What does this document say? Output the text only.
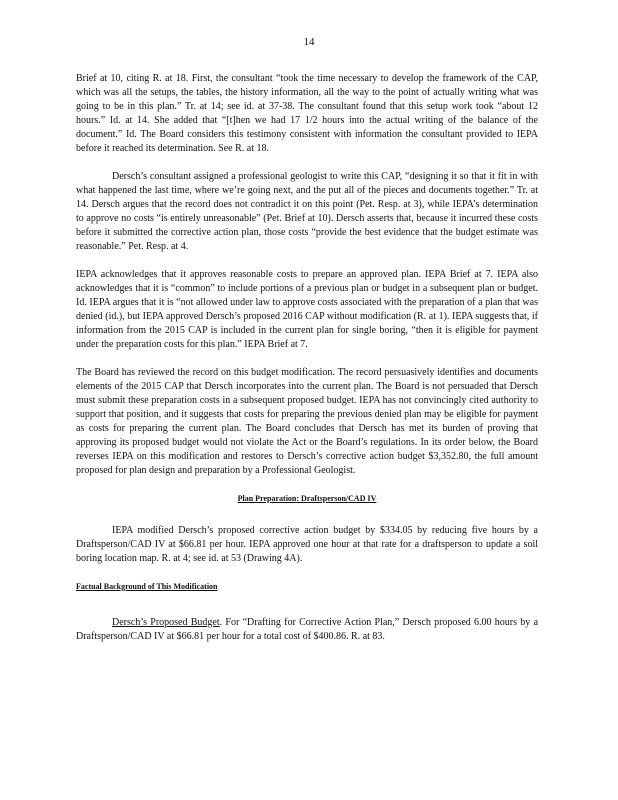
14

Brief at 10, citing R. at 18. First, the consultant “took the time necessary to develop the framework of the CAP, which was all the setups, the tables, the history information, all the way to the point of actually writing what was going to be in this plan.” Tr. at 14; see id. at 37-38. The consultant found that this setup work took “about 12 hours.” Id. at 14. She added that “[t]hen we had 17 1/2 hours into the actual writing of the balance of the document.” Id. The Board considers this testimony consistent with information the consultant provided to IEPA before it reached its determination. See R. at 18.

Dersch’s consultant assigned a professional geologist to write this CAP, “designing it so that it fit in with what happened the last time, where we’re going next, and the put all of the pieces and documents together.” Tr. at 14. Dersch argues that the record does not contradict it on this point (Pet. Resp. at 3), while IEPA’s determination to approve no costs “is entirely unreasonable” (Pet. Brief at 10). Dersch asserts that, because it incurred these costs before it submitted the corrective action plan, those costs “provide the best evidence that the budget estimate was reasonable.” Pet. Resp. at 4.

IEPA acknowledges that it approves reasonable costs to prepare an approved plan. IEPA Brief at 7. IEPA also acknowledges that it is “common” to include portions of a previous plan or budget in a subsequent plan or budget. Id. IEPA argues that it is “not allowed under law to approve costs associated with the preparation of a plan that was denied (id.), but IEPA approved Dersch’s proposed 2016 CAP without modification (R. at 1). IEPA suggests that, if information from the 2015 CAP is included in the current plan for single boring, “then it is eligible for payment under the preparation costs for this plan.” IEPA Brief at 7.

The Board has reviewed the record on this budget modification. The record persuasively identifies and documents elements of the 2015 CAP that Dersch incorporates into the current plan. The Board is not persuaded that Dersch must submit these preparation costs in a subsequent proposed budget. IEPA has not convincingly cited authority to support that position, and it suggests that costs for preparing the previous denied plan may be eligible for payment as costs for preparing the current plan. The Board concludes that Dersch has met its burden of proving that approving its proposed budget would not violate the Act or the Board’s regulations. In its order below, the Board reverses IEPA on this modification and restores to Dersch’s corrective action budget $3,352.80, the full amount proposed for plan design and preparation by a Professional Geologist.

Plan Preparation: Draftsperson/CAD IV

IEPA modified Dersch’s proposed corrective action budget by $334.05 by reducing five hours by a Draftsperson/CAD IV at $66.81 per hour. IEPA approved one hour at that rate for a draftsperson to update a soil boring location map. R. at 4; see id. at 53 (Drawing 4A).

Factual Background of This Modification

Dersch’s Proposed Budget. For “Drafting for Corrective Action Plan,” Dersch proposed 6.00 hours by a Draftsperson/CAD IV at $66.81 per hour for a total cost of $400.86. R. at 83.
